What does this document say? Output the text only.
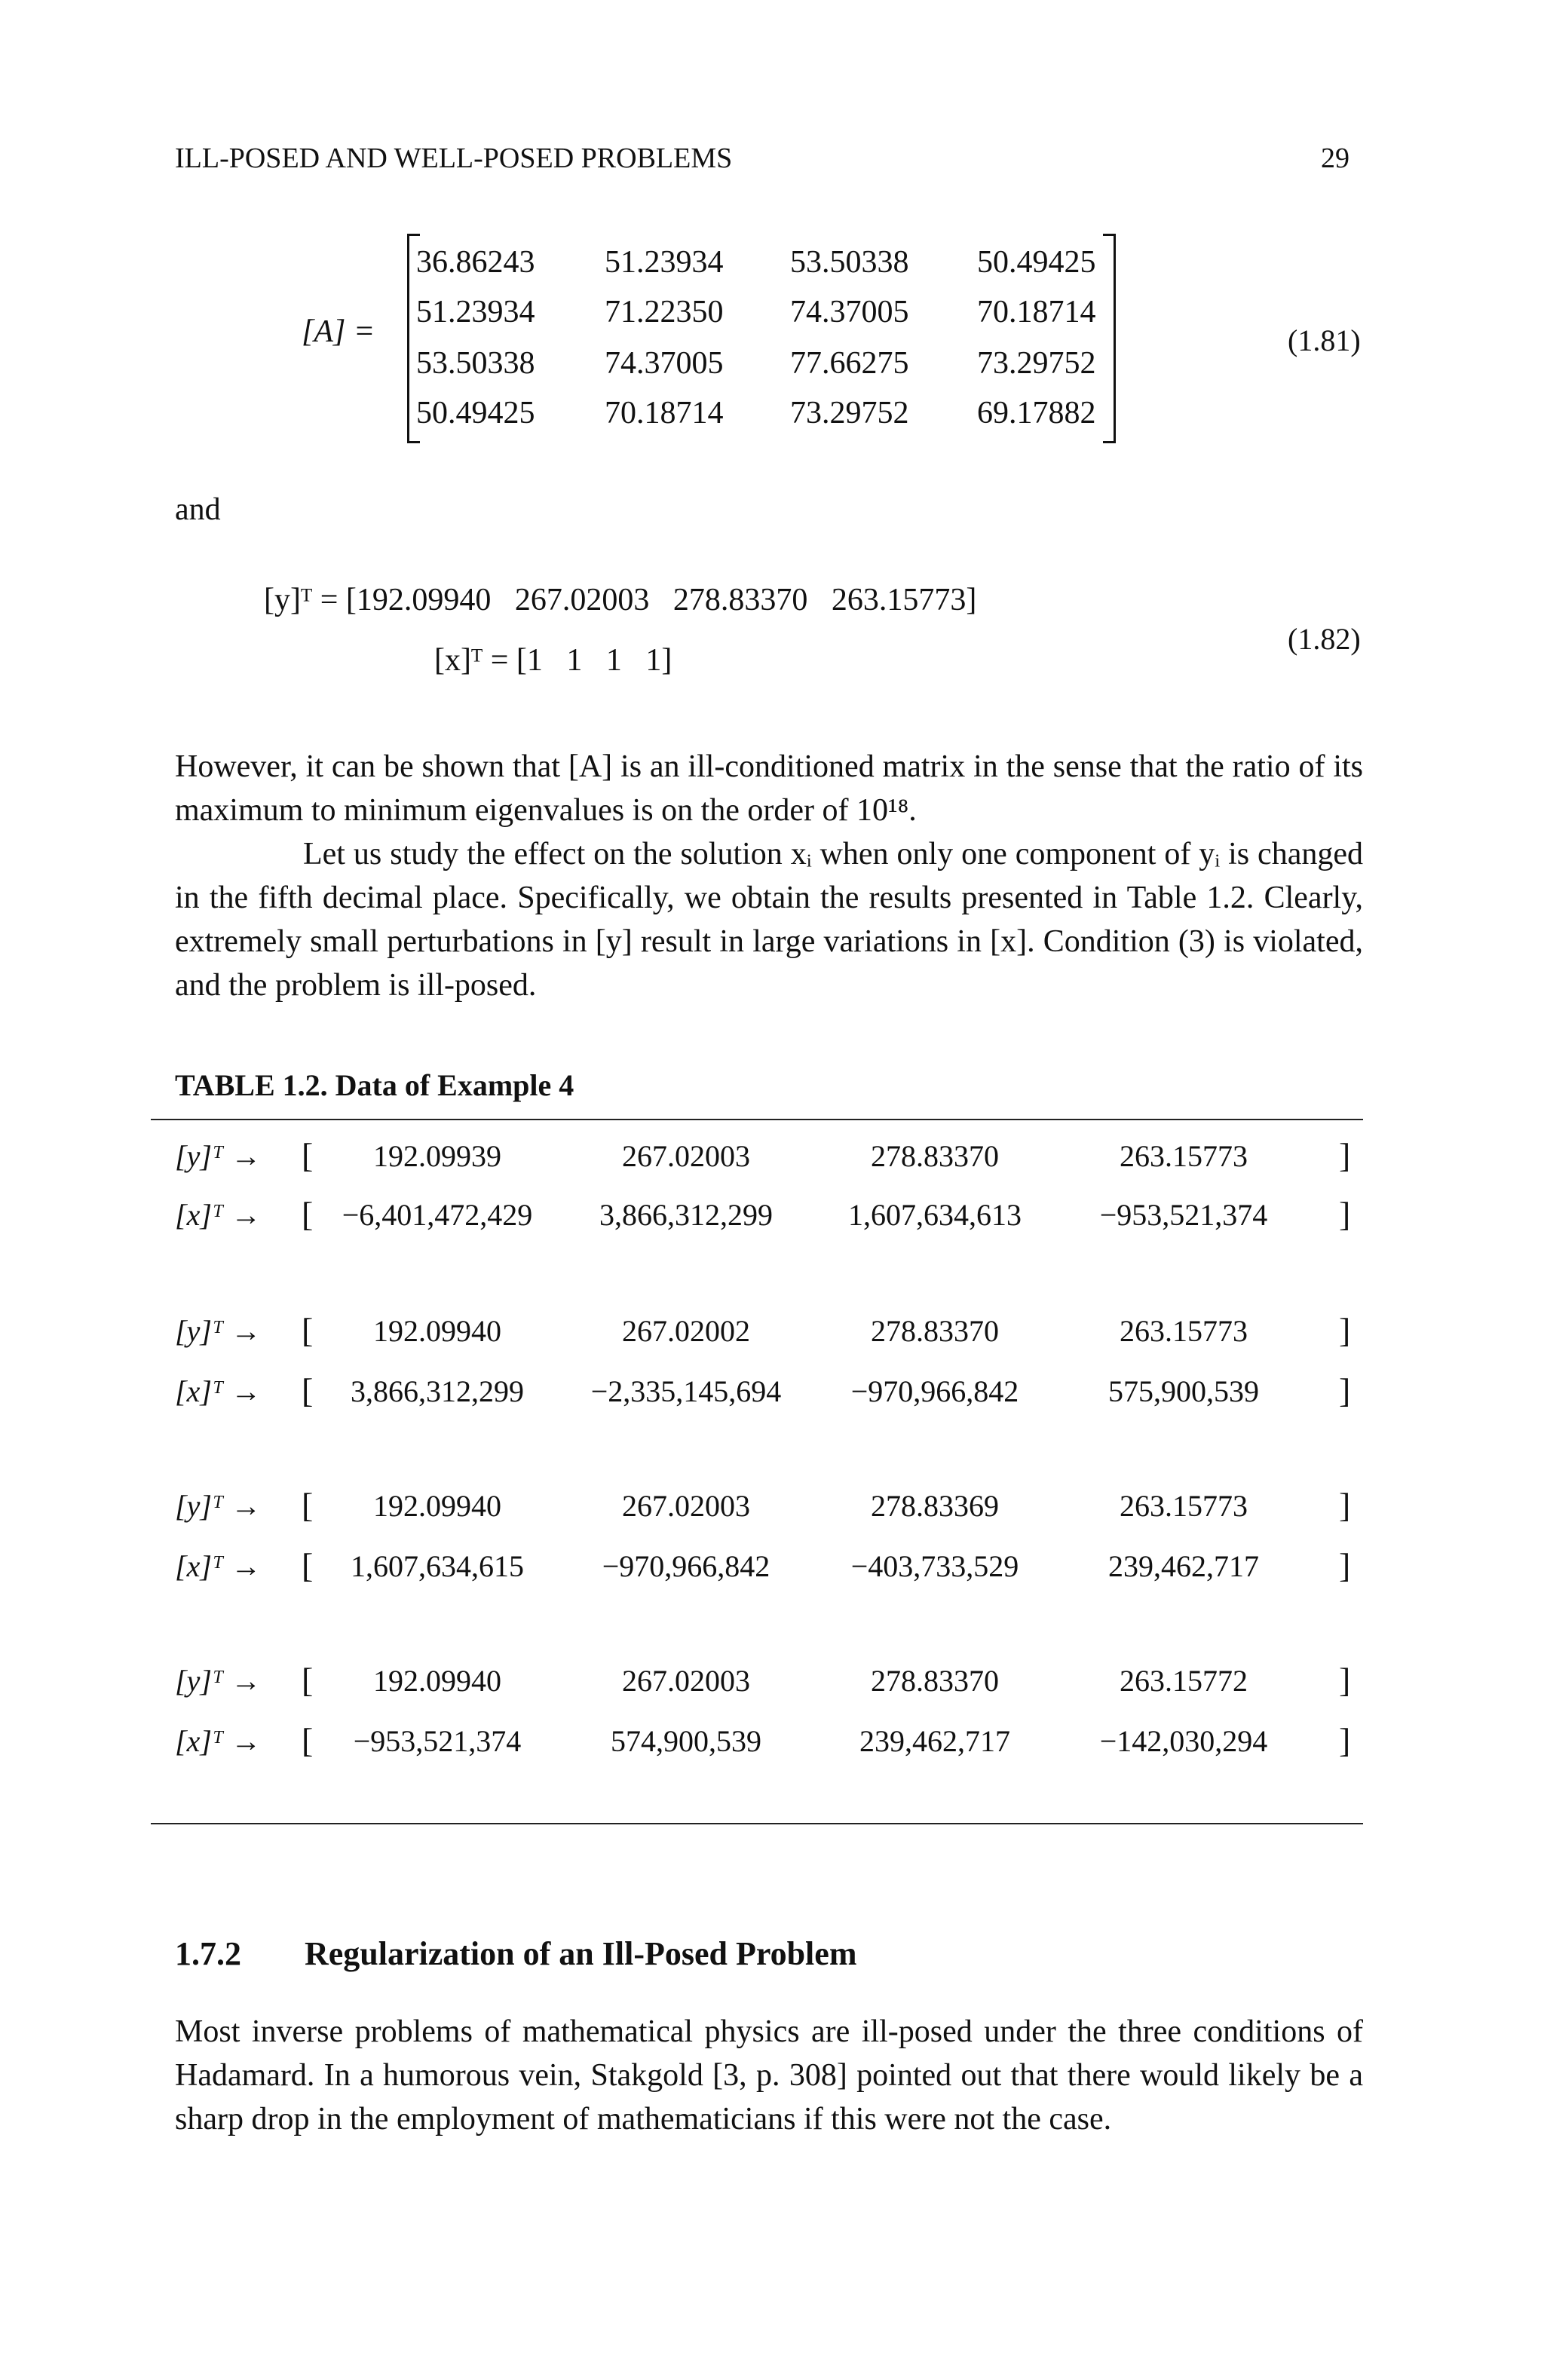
ILL-POSED AND WELL-POSED PROBLEMS	29
[A] =
36.86243 51.23934 53.50338 50.49425
51.23934 71.22350 74.37005 70.18714
53.50338 74.37005 77.66275 73.29752
50.49425 70.18714 73.29752 69.17882
(1.81)
and
[y]ᵀ = [192.09940   267.02003   278.83370   263.15773]
[x]ᵀ = [1   1   1   1]
(1.82)

However, it can be shown that [A] is an ill-conditioned matrix in the sense that the ratio of its maximum to minimum eigenvalues is on the order of 10¹⁸.

Let us study the effect on the solution xᵢ when only one component of yᵢ is changed in the fifth decimal place. Specifically, we obtain the results presented in Table 1.2. Clearly, extremely small perturbations in [y] result in large variations in [x]. Condition (3) is violated, and the problem is ill-posed.

TABLE 1.2. Data of Example 4
[y]ᵀ → [	192.09939	267.02003	278.83370	263.15773	]
[x]ᵀ → [ −6,401,472,429	3,866,312,299	1,607,634,613	−953,521,374	]
[y]ᵀ → [	192.09940	267.02002	278.83370	263.15773	]
[x]ᵀ → [	3,866,312,299	−2,335,145,694	−970,966,842	575,900,539	]
[y]ᵀ → [	192.09940	267.02003	278.83369	263.15773	]
[x]ᵀ → [	1,607,634,615	−970,966,842	−403,733,529	239,462,717	]
[y]ᵀ → [	192.09940	267.02003	278.83370	263.15772	]
[x]ᵀ → [	−953,521,374	574,900,539	239,462,717	−142,030,294	]
1.7.2 Regularization of an Ill-Posed Problem
Most inverse problems of mathematical physics are ill-posed under the three conditions of Hadamard. In a humorous vein, Stakgold [3, p. 308] pointed out that there would likely be a sharp drop in the employment of mathematicians if this were not the case.
